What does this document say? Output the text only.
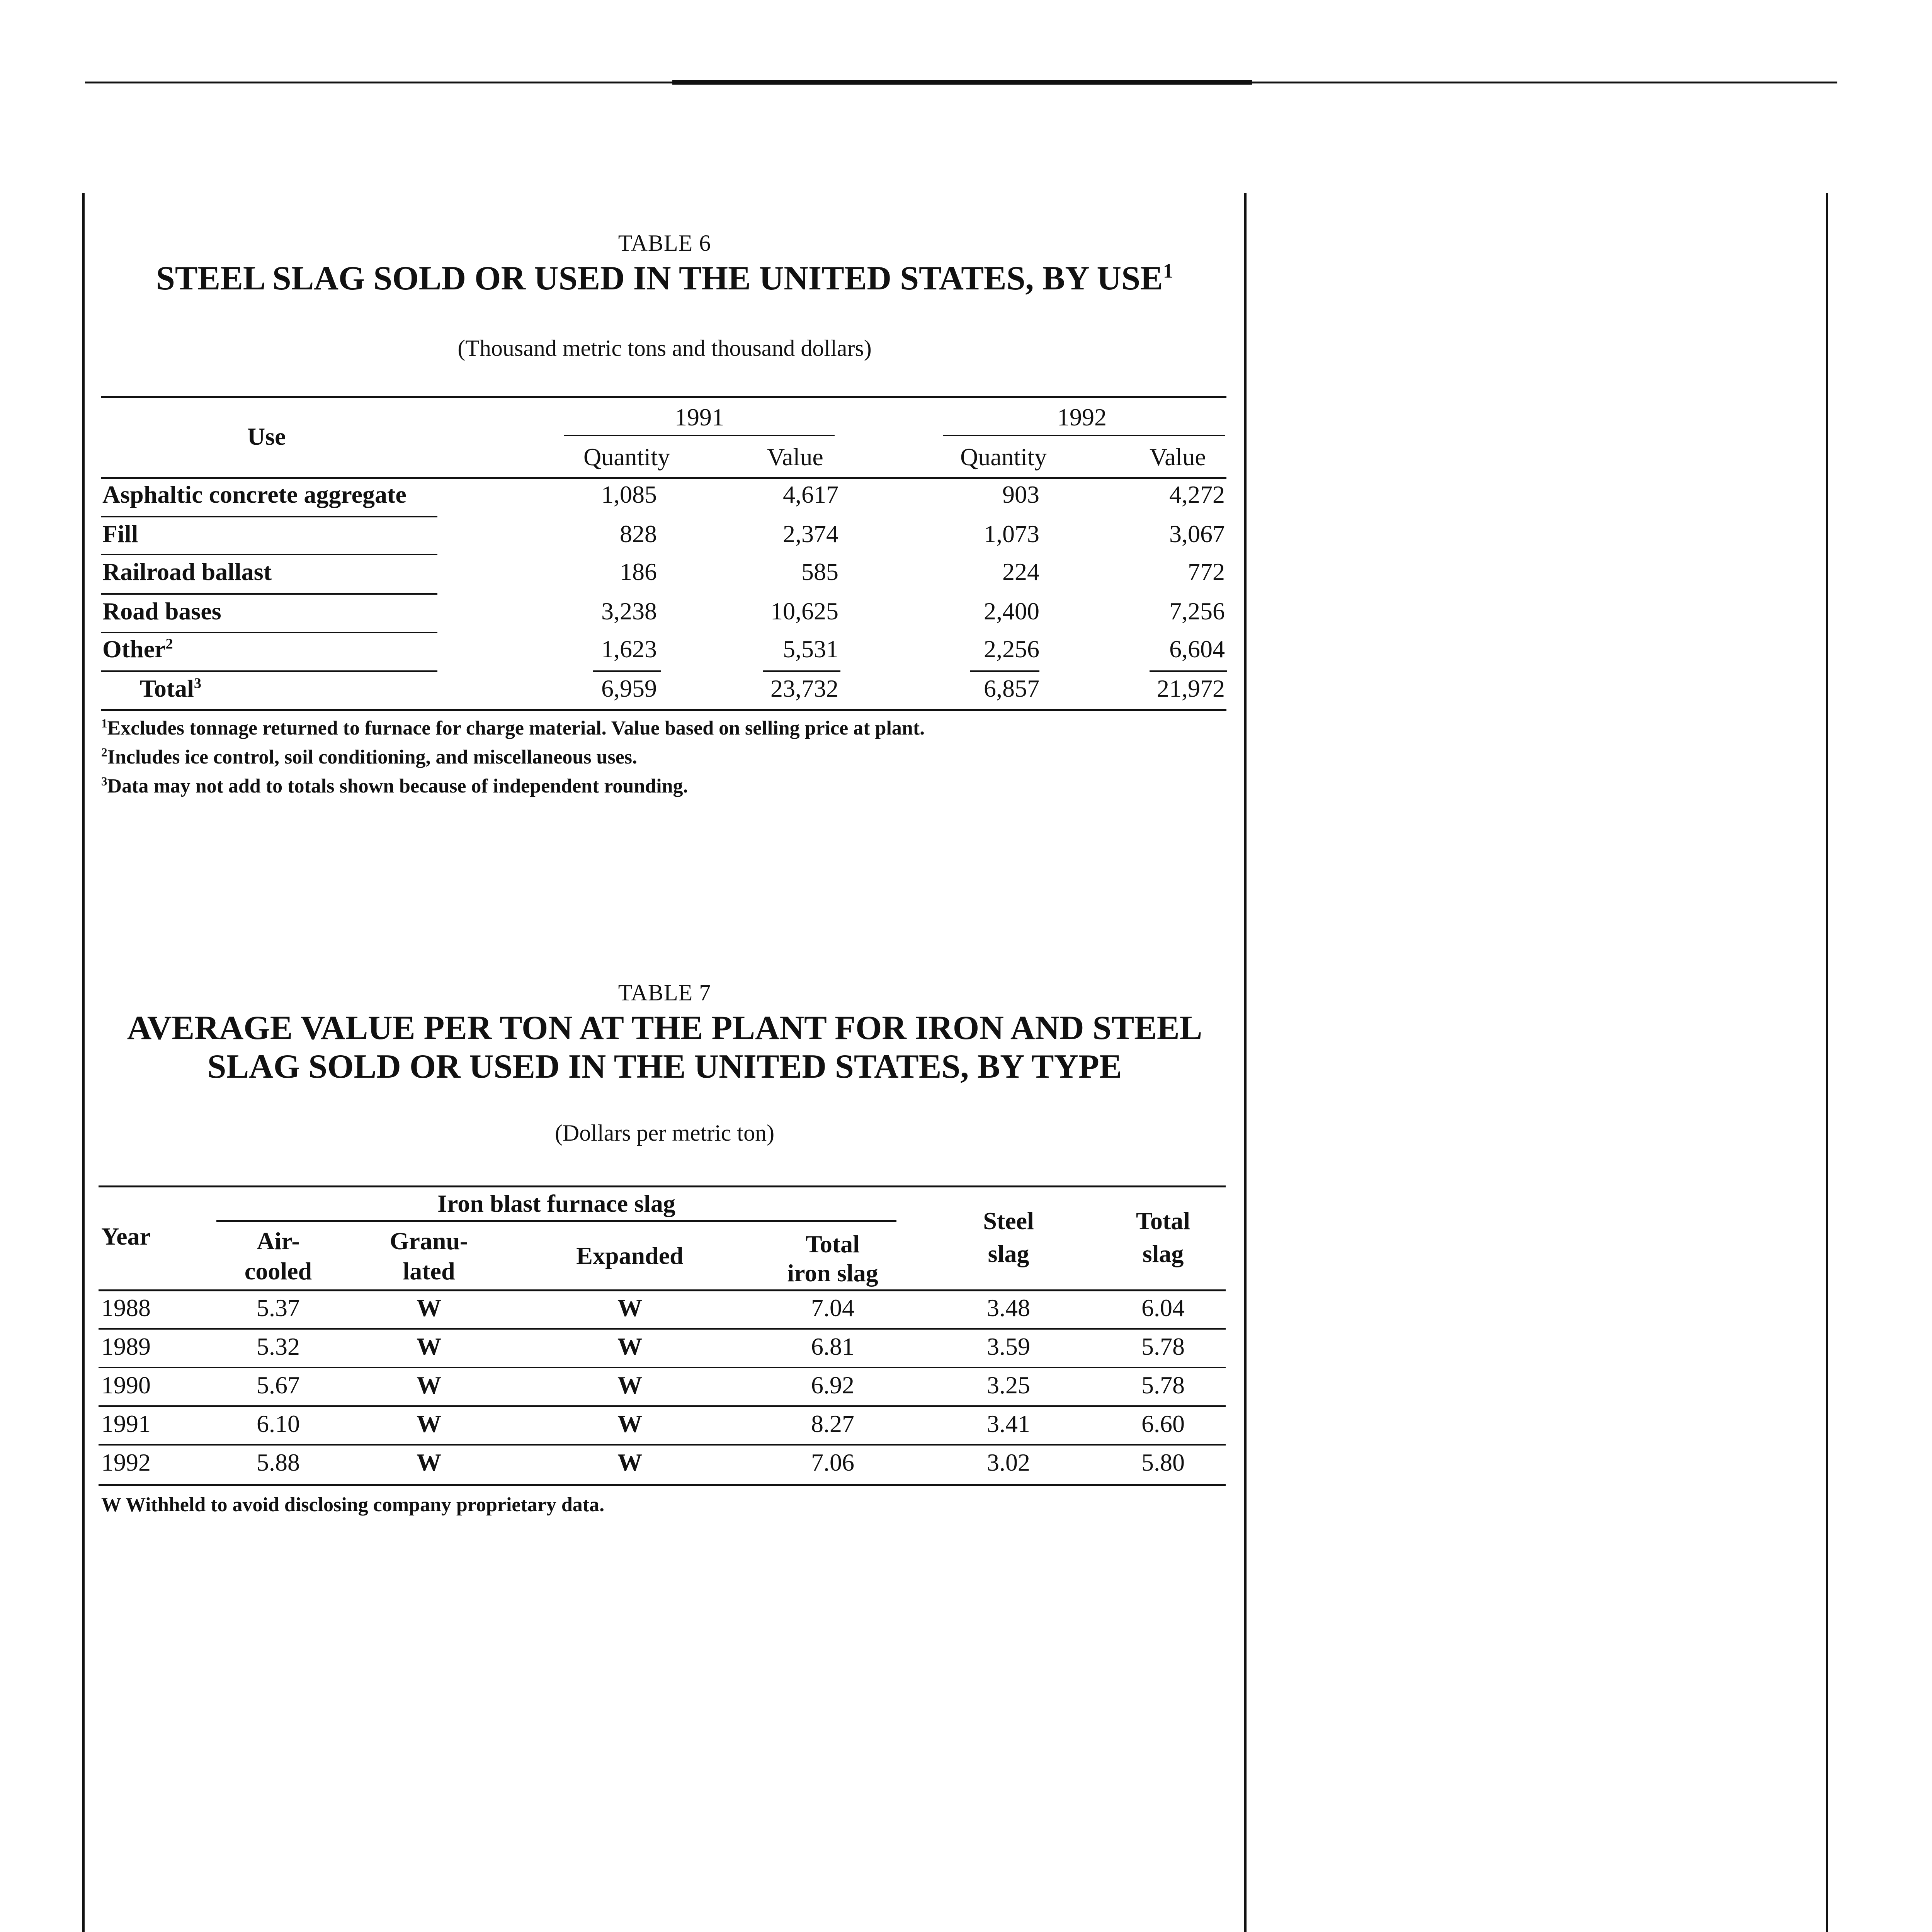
TABLE 6
STEEL SLAG SOLD OR USED IN THE UNITED STATES, BY USE$^1$
(Thousand metric tons and thousand dollars)
Use
1991	1992
Quantity	Value	Quantity	Value
Asphaltic concrete aggregate	1,085	4,617	903	4,272
Fill	828	2,374	1,073	3,067
Railroad ballast	186	585	224	772
Road bases	3,238	10,625	2,400	7,256
Other$^2$	1,623	5,531	2,256	6,604
Total$^3$	6,959	23,732	6,857	21,972
$^1$Excludes tonnage returned to furnace for charge material. Value based on selling price at plant.
$^2$Includes ice control, soil conditioning, and miscellaneous uses.
$^3$Data may not add to totals shown because of independent rounding.
TABLE 7
AVERAGE VALUE PER TON AT THE PLANT FOR IRON AND STEEL
SLAG SOLD OR USED IN THE UNITED STATES, BY TYPE
(Dollars per metric ton)
Iron blast furnace slag
Year	Air-
cooled
Granu-
lated
Expanded	Total
iron slag
Steel
slag
Total
slag
1988	5.37	W	W	7.04	3.48	6.04
1989	5.32	W	W	6.81	3.59	5.78
1990	5.67	W	W	6.92	3.25	5.78
1991	6.10	W	W	8.27	3.41	6.60
1992	5.88	W	W	7.06	3.02	5.80
W Withheld to avoid disclosing company proprietary data.
